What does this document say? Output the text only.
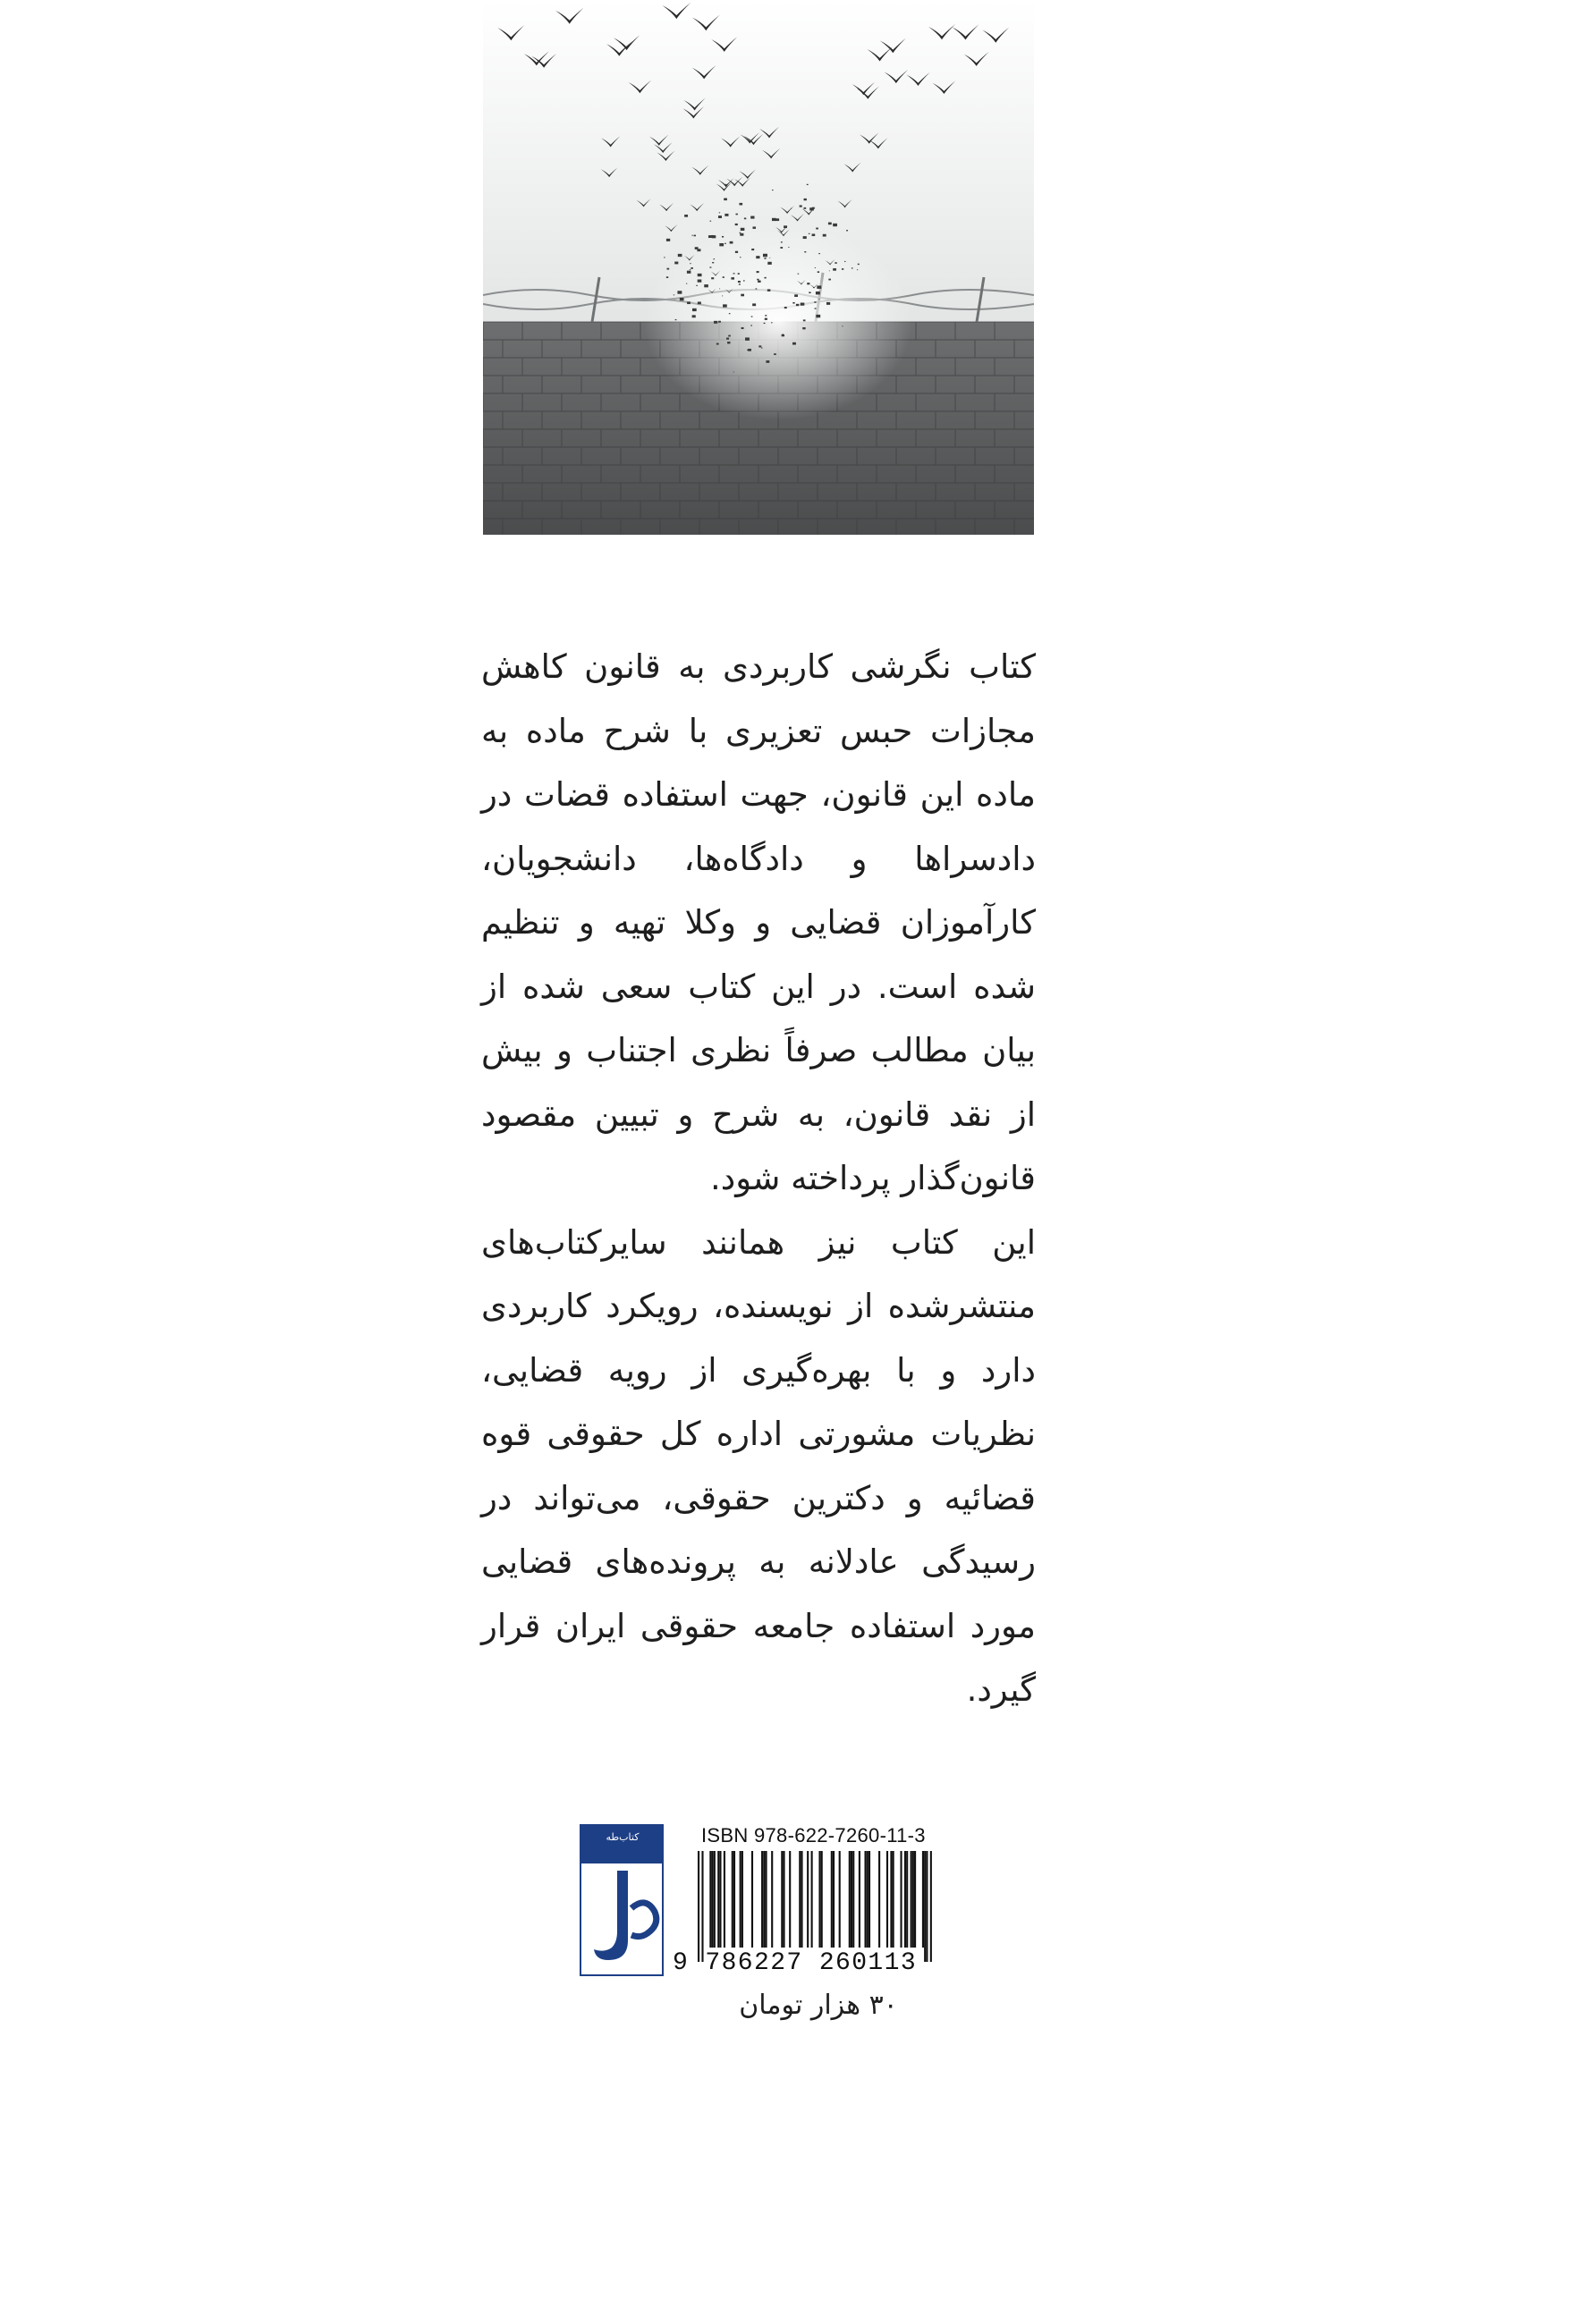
کتاب نگرشی کاربردی به قانون کاهش مجازات حبس تعزیری با شرح ماده به ماده این قانون، جهت استفاده قضات در دادسراها و دادگاه‌ها، دانشجویان، کارآموزان قضایی و وکلا تهیه و تنظیم شده است. در این کتاب سعی شده از بیان مطالب صرفاً نظری اجتناب و بیش از نقد قانون، به شرح و تبیین مقصود قانون‌گذار پرداخته شود.

این کتاب نیز همانند سایرکتاب‌های منتشرشده از نویسنده، رویکرد کاربردی دارد و با بهره‌گیری از رویه قضایی، نظریات مشورتی اداره کل حقوقی قوه قضائیه و دکترین حقوقی، می‌تواند در رسیدگی عادلانه به پرونده‌های قضایی مورد استفاده جامعه حقوقی ایران قرار گیرد.

کتاب‌طه	ISBN 978-622-7260-11-3
9 786227 260113
۳۰ هزار تومان
